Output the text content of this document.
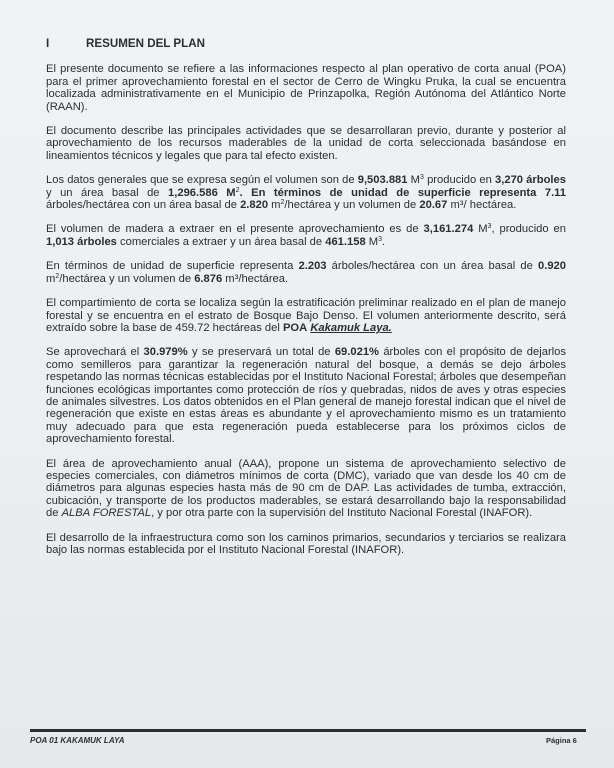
I	RESUMEN DEL PLAN

El presente documento se refiere a las informaciones respecto al plan operativo de corta anual (POA) para el primer aprovechamiento forestal en el sector de Cerro de Wingku Pruka, la cual se encuentra localizada administrativamente en el Municipio de Prinzapolka, Región Autónoma del Atlántico Norte (RAAN).

El documento describe las principales actividades que se desarrollaran previo, durante y posterior al aprovechamiento de los recursos maderables de la unidad de corta seleccionada basándose en lineamientos técnicos y legales que para tal efecto existen.

Los datos generales que se expresa según el volumen son de 9,503.881 $M^3$ producido en 3,270 árboles y un área basal de 1,296.586 $M^2$. En términos de unidad de superficie representa 7.11 árboles/hectárea con un área basal de 2.820 $m^2$/hectárea y un volumen de 20.67 m³/ hectárea.

El volumen de madera a extraer en el presente aprovechamiento es de 3,161.274 $M^3$, producido en 1,013 árboles comerciales a extraer y un área basal de 461.158 $M^3$.

En términos de unidad de superficie representa 2.203 árboles/hectárea con un área basal de 0.920 $m^2$/hectárea y un volumen de 6.876 m³/hectárea.

El compartimiento de corta se localiza según la estratificación preliminar realizado en el plan de manejo forestal y se encuentra en el estrato de Bosque Bajo Denso. El volumen anteriormente descrito, será extraído sobre la base de 459.72 hectáreas del POA Kakamuk Laya.

Se aprovechará el 30.979% y se preservará un total de 69.021% árboles con el propósito de dejarlos como semilleros para garantizar la regeneración natural del bosque, a demás se dejo árboles respetando las normas técnicas establecidas por el Instituto Nacional Forestal; árboles que desempeñan funciones ecológicas importantes como protección de ríos y quebradas, nidos de aves y otras especies de animales silvestres. Los datos obtenidos en el Plan general de manejo forestal indican que el nivel de regeneración que existe en estas áreas es abundante y el aprovechamiento mismo es un tratamiento muy adecuado para que esta regeneración pueda establecerse para los próximos ciclos de aprovechamiento forestal.

El área de aprovechamiento anual (AAA), propone un sistema de aprovechamiento selectivo de especies comerciales, con diámetros mínimos de corta (DMC), variado que van desde los 40 cm de diámetros para algunas especies hasta más de 90 cm de DAP. Las actividades de tumba, extracción, cubicación, y transporte de los productos maderables, se estará desarrollando bajo la responsabilidad de ALBA FORESTAL, y por otra parte con la supervisión del Instituto Nacional Forestal (INAFOR).

El desarrollo de la infraestructura como son los caminos primarios, secundarios y terciarios se realizara bajo las normas establecida por el Instituto Nacional Forestal (INAFOR).

POA 01 KAKAMUK LAYA	Página 6
